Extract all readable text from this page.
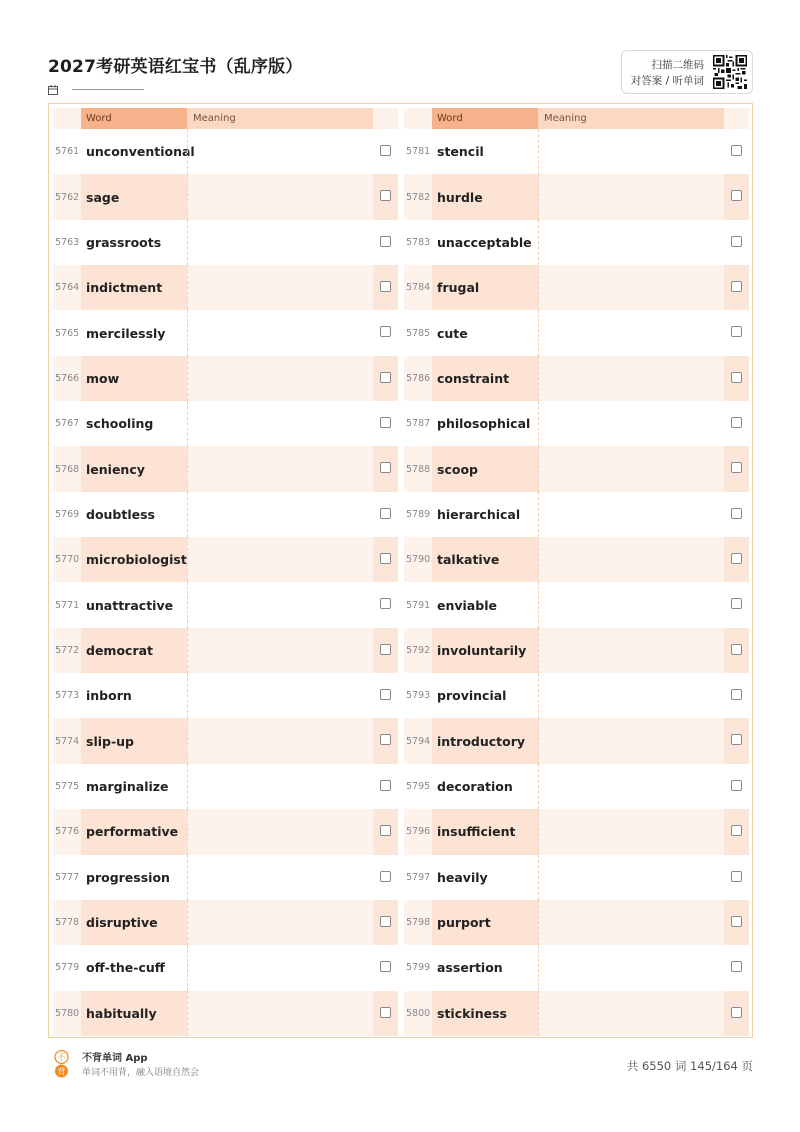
2027考研英语红宝书（乱序版）	扫描二维码
对答案 / 听单词
Word	Meaning
5761 unconventional
5762 sage
5763 grassroots
5764 indictment
5765 mercilessly
5766 mow
5767 schooling
5768 leniency
5769 doubtless
5770 microbiologist
5771 unattractive
5772 democrat
5773 inborn
5774 slip-up
5775 marginalize
5776 performative
5777 progression
5778 disruptive
5779 off-the-cuff
5780 habitually
Word	Meaning
5781 stencil
5782 hurdle
5783 unacceptable
5784 frugal
5785 cute
5786 constraint
5787 philosophical
5788 scoop
5789 hierarchical
5790 talkative
5791 enviable
5792 involuntarily
5793 provincial
5794 introductory
5795 decoration
5796 insufficient
5797 heavily
5798 purport
5799 assertion
5800 stickiness
不
背
不背单词 App
单词不用背，融入语境自然会	共 6550 词 145/164 页
